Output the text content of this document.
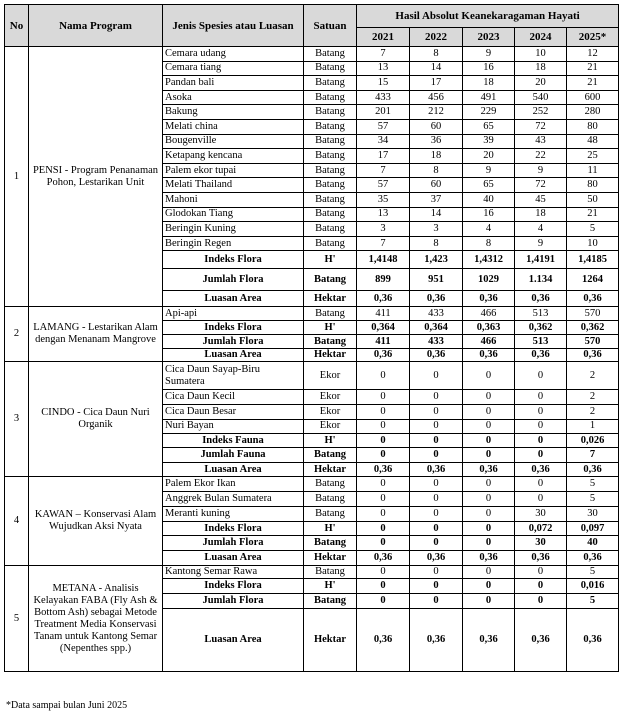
No	Nama Program	Jenis Spesies atau Luasan	Satuan	Hasil Absolut Keanekaragaman Hayati				
				2021	2022	2023	2024	2025*
1	PENSI - Program Penanaman Pohon, Lestarikan Unit	Cemara udang	Batang	7	8	9	10	12
		Cemara tiang	Batang	13	14	16	18	21
		Pandan bali	Batang	15	17	18	20	21
		Asoka	Batang	433	456	491	540	600
		Bakung	Batang	201	212	229	252	280
		Melati china	Batang	57	60	65	72	80
		Bougenville	Batang	34	36	39	43	48
		Ketapang kencana	Batang	17	18	20	22	25
		Palem ekor tupai	Batang	7	8	9	9	11
		Melati Thailand	Batang	57	60	65	72	80
		Mahoni	Batang	35	37	40	45	50
		Glodokan Tiang	Batang	13	14	16	18	21
		Beringin Kuning	Batang	3	3	4	4	5
		Beringin Regen	Batang	7	8	8	9	10
		Indeks Flora	H'	1,4148	1,423	1,4312	1,4191	1,4185
		Jumlah Flora	Batang	899	951	1029	1.134	1264
		Luasan Area	Hektar	0,36	0,36	0,36	0,36	0,36
2	LAMANG - Lestarikan Alam dengan Menanam Mangrove	Api-api	Batang	411	433	466	513	570
		Indeks Flora	H'	0,364	0,364	0,363	0,362	0,362
		Jumlah Flora	Batang	411	433	466	513	570
		Luasan Area	Hektar	0,36	0,36	0,36	0,36	0,36
3	CINDO - Cica Daun Nuri Organik	Cica Daun Sayap-Biru Sumatera	Ekor	0	0	0	0	2
		Cica Daun Kecil	Ekor	0	0	0	0	2
		Cica Daun Besar	Ekor	0	0	0	0	2
		Nuri Bayan	Ekor	0	0	0	0	1
		Indeks Fauna	H'	0	0	0	0	0,026
		Jumlah Fauna	Batang	0	0	0	0	7
		Luasan Area	Hektar	0,36	0,36	0,36	0,36	0,36
4	KAWAN – Konservasi Alam Wujudkan Aksi Nyata	Palem Ekor Ikan	Batang	0	0	0	0	5
		Anggrek Bulan Sumatera	Batang	0	0	0	0	5
		Meranti kuning	Batang	0	0	0	30	30
		Indeks Flora	H'	0	0	0	0,072	0,097
		Jumlah Flora	Batang	0	0	0	30	40
		Luasan Area	Hektar	0,36	0,36	0,36	0,36	0,36
5	METANA - Analisis Kelayakan FABA (Fly Ash & Bottom Ash) sebagai Metode Treatment Media Konservasi Tanam untuk Kantong Semar (Nepenthes spp.)	Kantong Semar Rawa	Batang	0	0	0	0	5
		Indeks Flora	H'	0	0	0	0	0,016
		Jumlah Flora	Batang	0	0	0	0	5
		Luasan Area	Hektar	0,36	0,36	0,36	0,36	0,36
*Data sampai bulan Juni 2025
